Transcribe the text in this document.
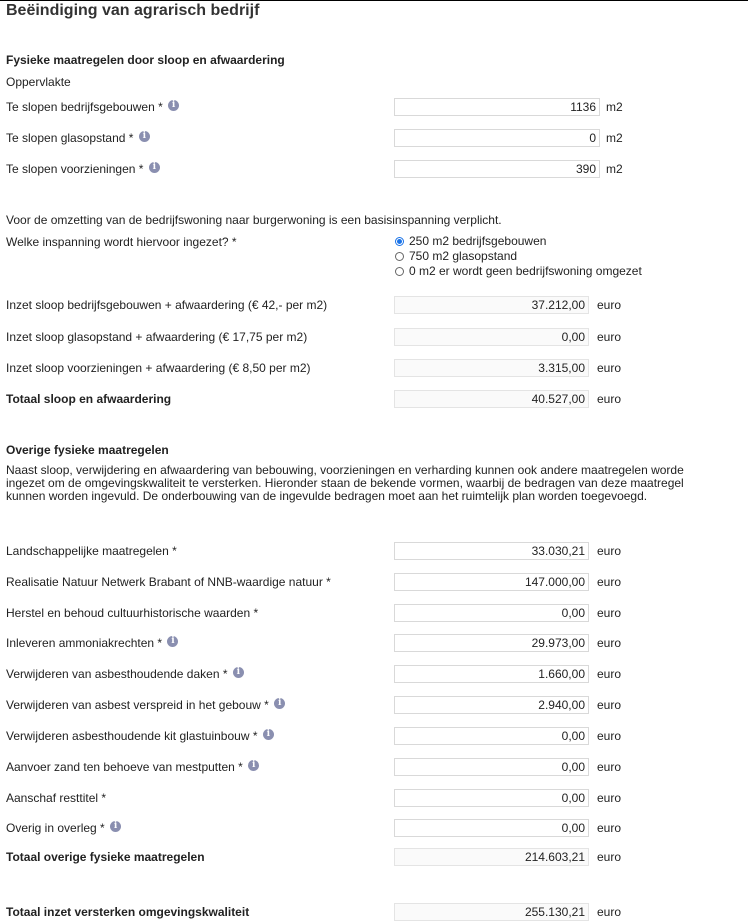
Beëindiging van agrarisch bedrijf
Fysieke maatregelen door sloop en afwaardering
Oppervlakte
Te slopen bedrijfsgebouwen * i	1136 m2
Te slopen glasopstand * i	0 m2
Te slopen voorzieningen * i	390 m2
Voor de omzetting van de bedrijfswoning naar burgerwoning is een basisinspanning verplicht.
Welke inspanning wordt hiervoor ingezet? *	250 m2 bedrijfsgebouwen
750 m2 glasopstand
0 m2 er wordt geen bedrijfswoning omgezet
Inzet sloop bedrijfsgebouwen + afwaardering (€ 42,- per m2)	37.212,00	euro
Inzet sloop glasopstand + afwaardering (€ 17,75 per m2)	0,00	euro
Inzet sloop voorzieningen + afwaardering (€ 8,50 per m2)	3.315,00	euro
Totaal sloop en afwaardering	40.527,00	euro
Overige fysieke maatregelen
Naast sloop, verwijdering en afwaardering van bebouwing, voorzieningen en verharding kunnen ook andere maatregelen worde
ingezet om de omgevingskwaliteit te versterken. Hieronder staan de bekende vormen, waarbij de bedragen van deze maatregel
kunnen worden ingevuld. De onderbouwing van de ingevulde bedragen moet aan het ruimtelijk plan worden toegevoegd.
Landschappelijke maatregelen *	33.030,21	euro
Realisatie Natuur Netwerk Brabant of NNB-waardige natuur *	147.000,00	euro
Herstel en behoud cultuurhistorische waarden *	0,00	euro
Inleveren ammoniakrechten * i	29.973,00	euro
Verwijderen van asbesthoudende daken * i	1.660,00	euro
Verwijderen van asbest verspreid in het gebouw * i	2.940,00	euro
Verwijderen asbesthoudende kit glastuinbouw * i	0,00	euro
Aanvoer zand ten behoeve van mestputten * i	0,00	euro
Aanschaf resttitel *	0,00	euro
Overig in overleg * i	0,00	euro
Totaal overige fysieke maatregelen	214.603,21	euro
Totaal inzet versterken omgevingskwaliteit	255.130,21	euro
